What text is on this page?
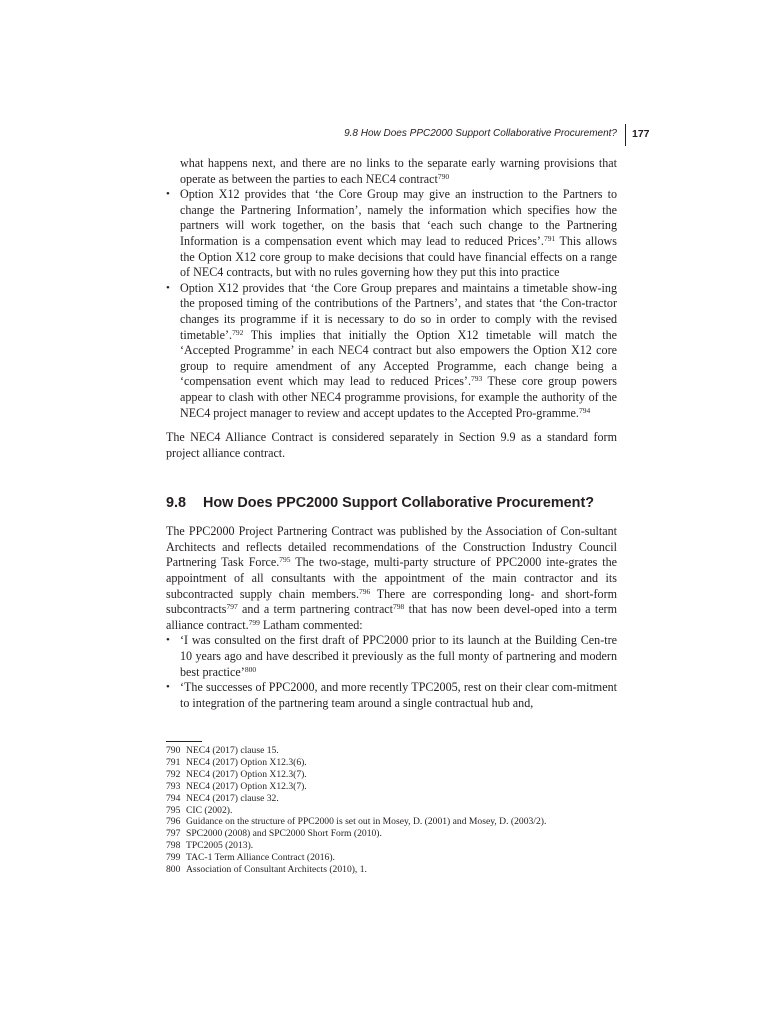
9.8 How Does PPC2000 Support Collaborative Procurement? 177

what happens next, and there are no links to the separate early warning provisions that operate as between the parties to each NEC4 contract$^{790}$

• Option X12 provides that ‘the Core Group may give an instruction to the Partners to change the Partnering Information’, namely the information which specifies how the partners will work together, on the basis that ‘each such change to the Partnering Information is a compensation event which may lead to reduced Prices’.$^{791}$ This allows the Option X12 core group to make decisions that could have financial effects on a range of NEC4 contracts, but with no rules governing how they put this into practice
• Option X12 provides that ‘the Core Group prepares and maintains a timetable show-ing the proposed timing of the contributions of the Partners’, and states that ‘the Con-tractor changes its programme if it is necessary to do so in order to comply with the revised timetable’.$^{792}$ This implies that initially the Option X12 timetable will match the ‘Accepted Programme’ in each NEC4 contract but also empowers the Option X12 core group to require amendment of any Accepted Programme, each change being a ‘compensation event which may lead to reduced Prices’.$^{793}$ These core group powers appear to clash with other NEC4 programme provisions, for example the authority of the NEC4 project manager to review and accept updates to the Accepted Pro-gramme.$^{794}$

The NEC4 Alliance Contract is considered separately in Section 9.9 as a standard form project alliance contract.

9.8 How Does PPC2000 Support Collaborative Procurement?

The PPC2000 Project Partnering Contract was published by the Association of Con-sultant Architects and reflects detailed recommendations of the Construction Industry Council Partnering Task Force.$^{795}$ The two-stage, multi-party structure of PPC2000 inte-grates the appointment of all consultants with the appointment of the main contractor and its subcontracted supply chain members.$^{796}$ There are corresponding long- and short-form subcontracts$^{797}$ and a term partnering contract$^{798}$ that has now been devel-oped into a term alliance contract.$^{799}$ Latham commented:

• ‘I was consulted on the first draft of PPC2000 prior to its launch at the Building Cen-tre 10 years ago and have described it previously as the full monty of partnering and modern best practice’$^{800}$
• ‘The successes of PPC2000, and more recently TPC2005, rest on their clear com-mitment to integration of the partnering team around a single contractual hub and,
790 NEC4 (2017) clause 15.
791 NEC4 (2017) Option X12.3(6).
792 NEC4 (2017) Option X12.3(7).
793 NEC4 (2017) Option X12.3(7).
794 NEC4 (2017) clause 32.
795 CIC (2002).
796 Guidance on the structure of PPC2000 is set out in Mosey, D. (2001) and Mosey, D. (2003/2).
797 SPC2000 (2008) and SPC2000 Short Form (2010).
798 TPC2005 (2013).
799 TAC-1 Term Alliance Contract (2016).
800 Association of Consultant Architects (2010), 1.
